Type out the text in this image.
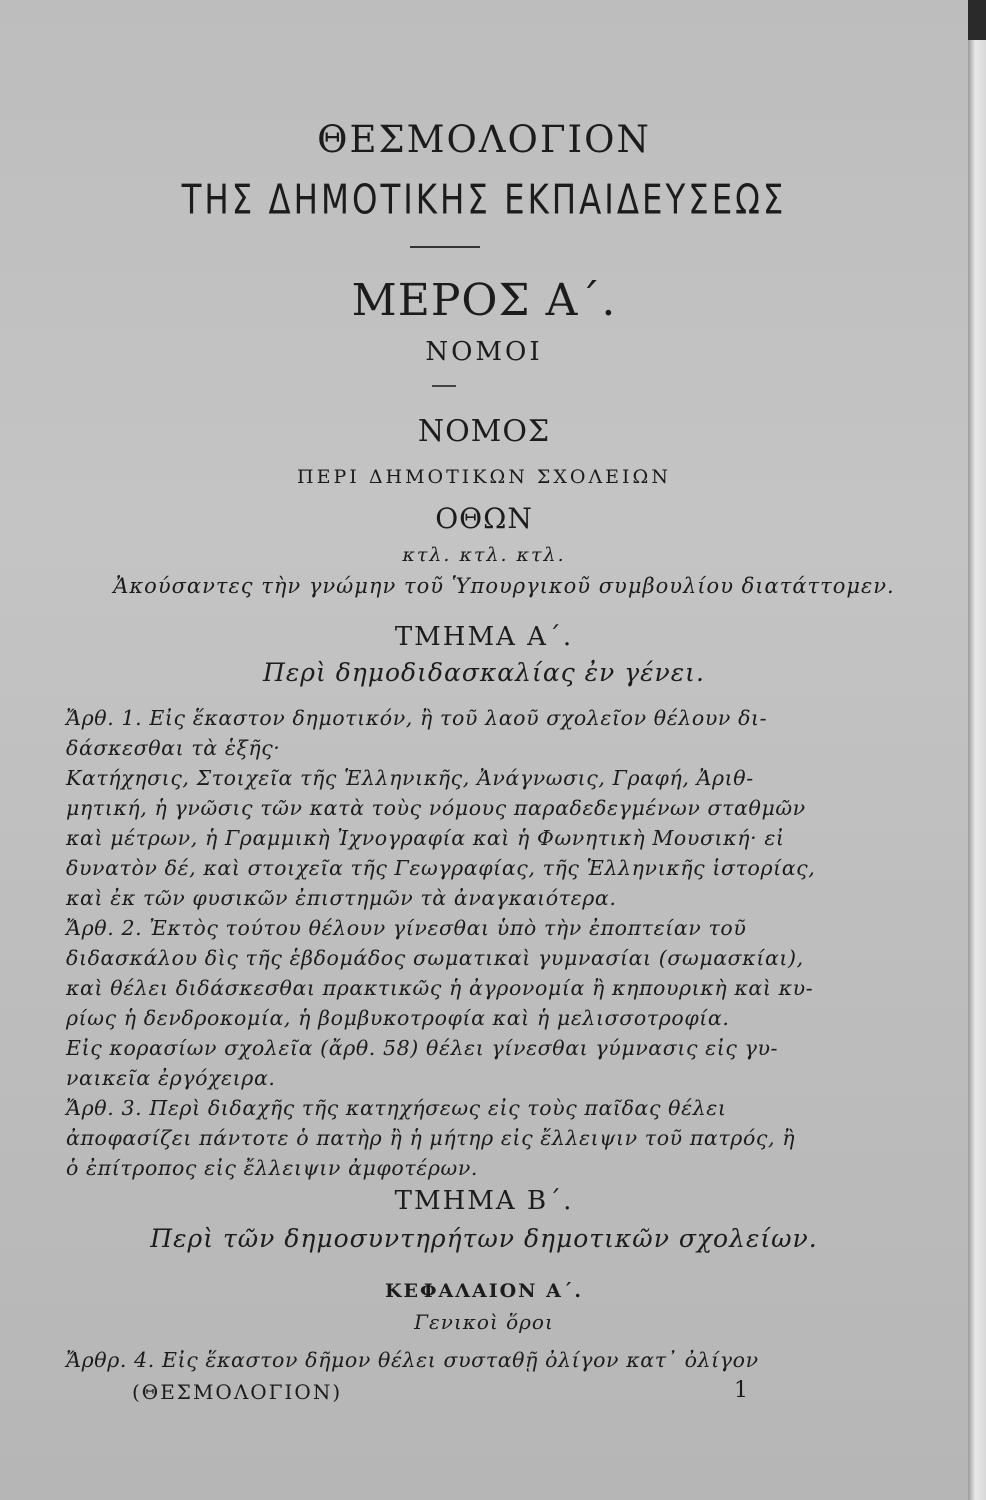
ΘΕΣΜΟΛΟΓΙΟΝ
ΤΗΣ ΔΗΜΟΤΙΚΗΣ ΕΚΠΑΙΔΕΥΣΕΩΣ
ΜΕΡΟΣ Α΄.
ΝΟΜΟΙ
ΝΟΜΟΣ
ΠΕΡΙ ΔΗΜΟΤΙΚΩΝ ΣΧΟΛΕΙΩΝ
ΟΘΩΝ
κτλ. κτλ. κτλ.
Ἀκούσαντες τὴν γνώμην τοῦ Ὑπουργικοῦ συμβουλίου διατάττομεν.
ΤΜΗΜΑ Α΄.
Περὶ δημοδιδασκαλίας ἐν γένει.

Ἄρθ. 1. Εἰς ἕκαστον δημοτικόν, ἢ τοῦ λαοῦ σχολεῖον θέλουν δι-

δάσκεσθαι τὰ ἑξῆς·

Κατήχησις, Στοιχεῖα τῆς Ἑλληνικῆς, Ἀνάγνωσις, Γραφή, Ἀριθ-

μητική, ἡ γνῶσις τῶν κατὰ τοὺς νόμους παραδεδεγμένων σταθμῶν

καὶ μέτρων, ἡ Γραμμικὴ Ἰχνογραφία καὶ ἡ Φωνητικὴ Μουσική· εἰ

δυνατὸν δέ, καὶ στοιχεῖα τῆς Γεωγραφίας, τῆς Ἑλληνικῆς ἱστορίας,

καὶ ἐκ τῶν φυσικῶν ἐπιστημῶν τὰ ἀναγκαιότερα.

Ἄρθ. 2. Ἐκτὸς τούτου θέλουν γίνεσθαι ὑπὸ τὴν ἐποπτείαν τοῦ

διδασκάλου δὶς τῆς ἑβδομάδος σωματικαὶ γυμνασίαι (σωμασκίαι),

καὶ θέλει διδάσκεσθαι πρακτικῶς ἡ ἀγρονομία ἢ κηπουρικὴ καὶ κυ-

ρίως ἡ δενδροκομία, ἡ βομβυκοτροφία καὶ ἡ μελισσοτροφία.

Εἰς κορασίων σχολεῖα (ἄρθ. 58) θέλει γίνεσθαι γύμνασις εἰς γυ-

ναικεῖα ἐργόχειρα.

Ἄρθ. 3. Περὶ διδαχῆς τῆς κατηχήσεως εἰς τοὺς παῖδας θέλει

ἀποφασίζει πάντοτε ὁ πατὴρ ἢ ἡ μήτηρ εἰς ἔλλειψιν τοῦ πατρός, ἢ

ὁ ἐπίτροπος εἰς ἔλλειψιν ἀμφοτέρων.

ΤΜΗΜΑ Β΄.
Περὶ τῶν δημοσυντηρήτων δημοτικῶν σχολείων.
ΚΕΦΑΛΑΙΟΝ Α΄.
Γενικοὶ ὅροι

Ἄρθρ. 4. Εἰς ἕκαστον δῆμον θέλει συσταθῇ ὀλίγον κατ᾽ ὀλίγον

(ΘΕΣΜΟΛΟΓΙΟΝ)	1
